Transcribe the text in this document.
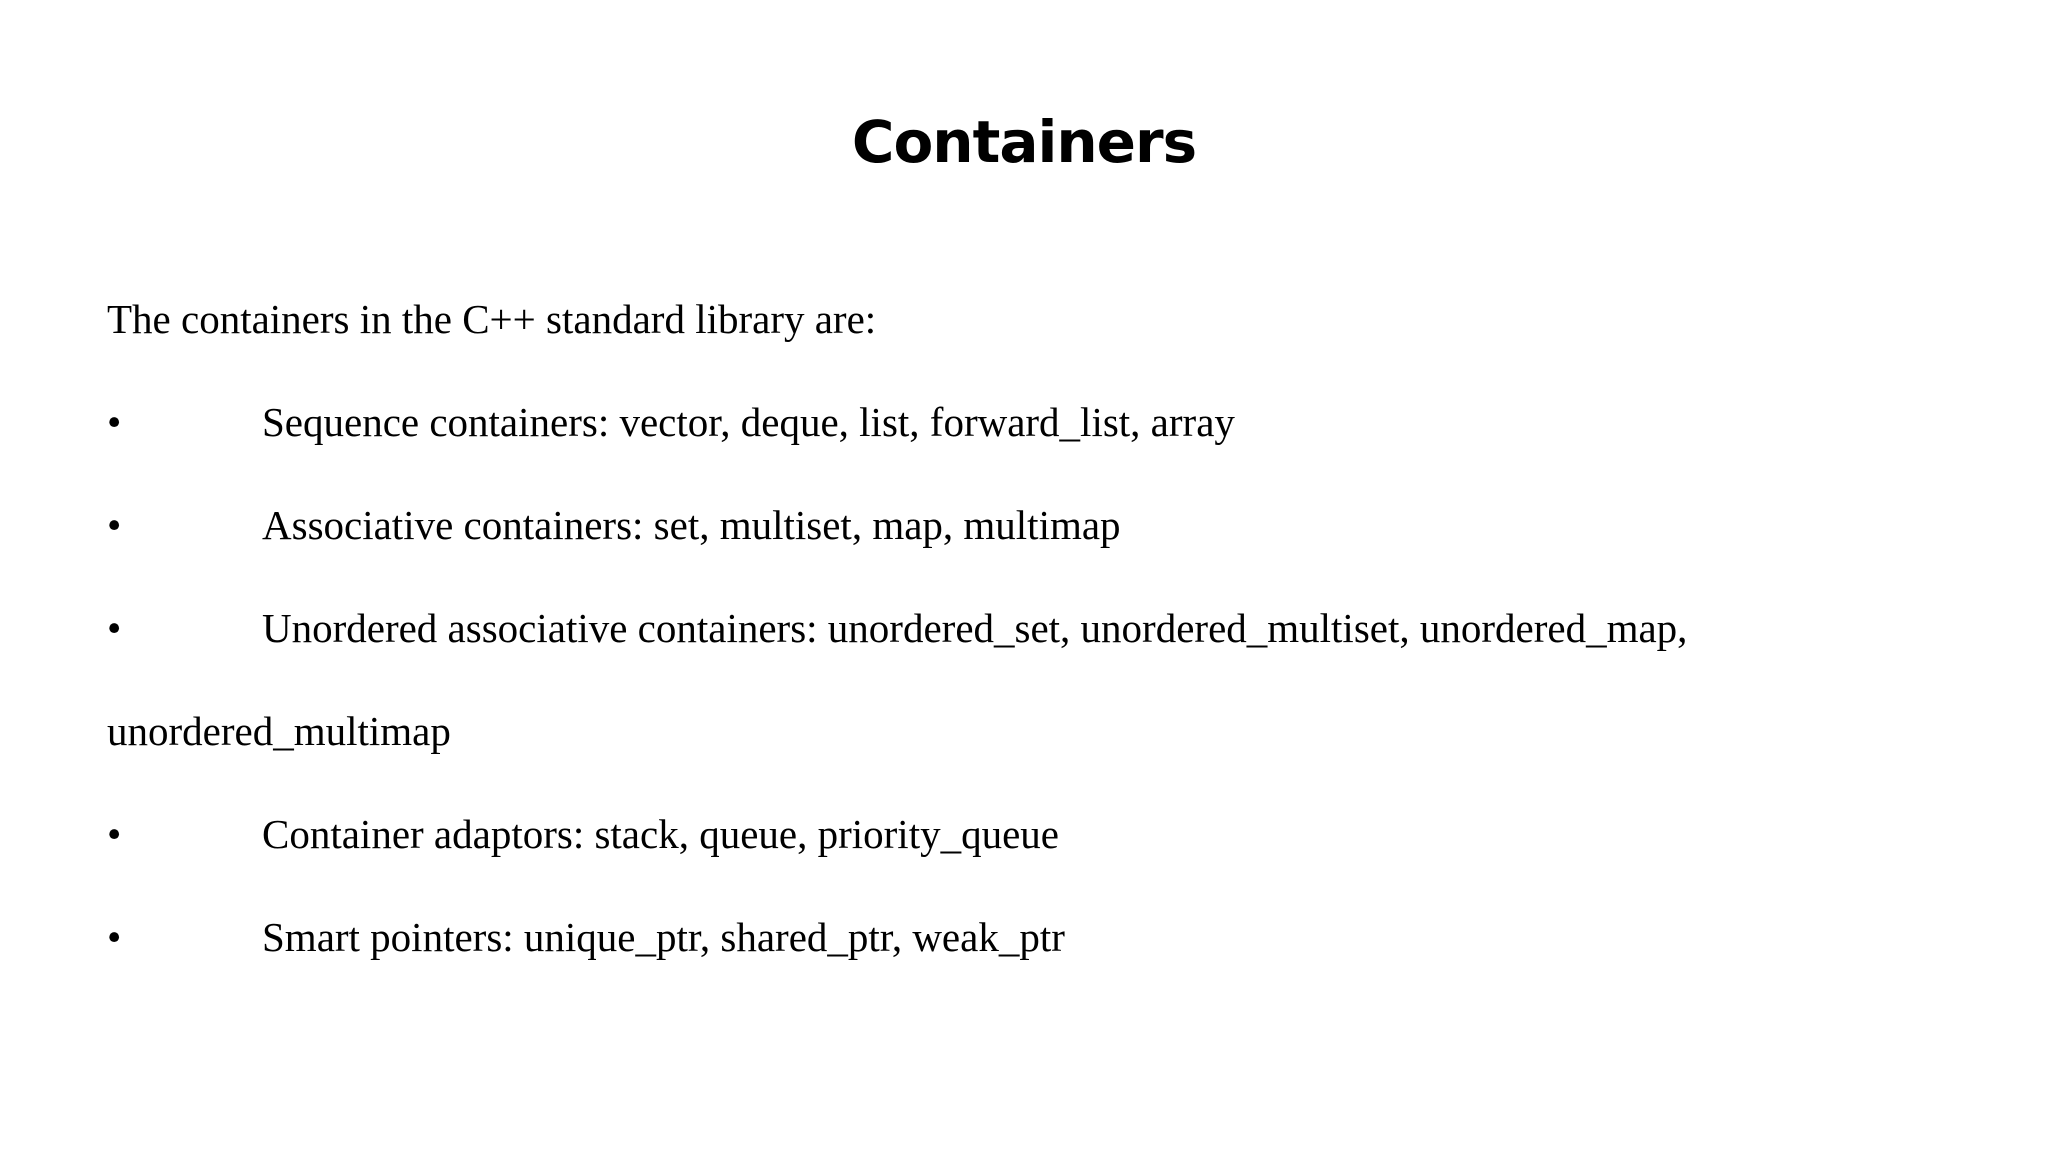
Containers
The containers in the C++ standard library are:
•	Sequence containers: vector, deque, list, forward_list, array
•	Associative containers: set, multiset, map, multimap
•	Unordered associative containers: unordered_set, unordered_multiset, unordered_map,
unordered_multimap
•	Container adaptors: stack, queue, priority_queue
•	Smart pointers: unique_ptr, shared_ptr, weak_ptr
